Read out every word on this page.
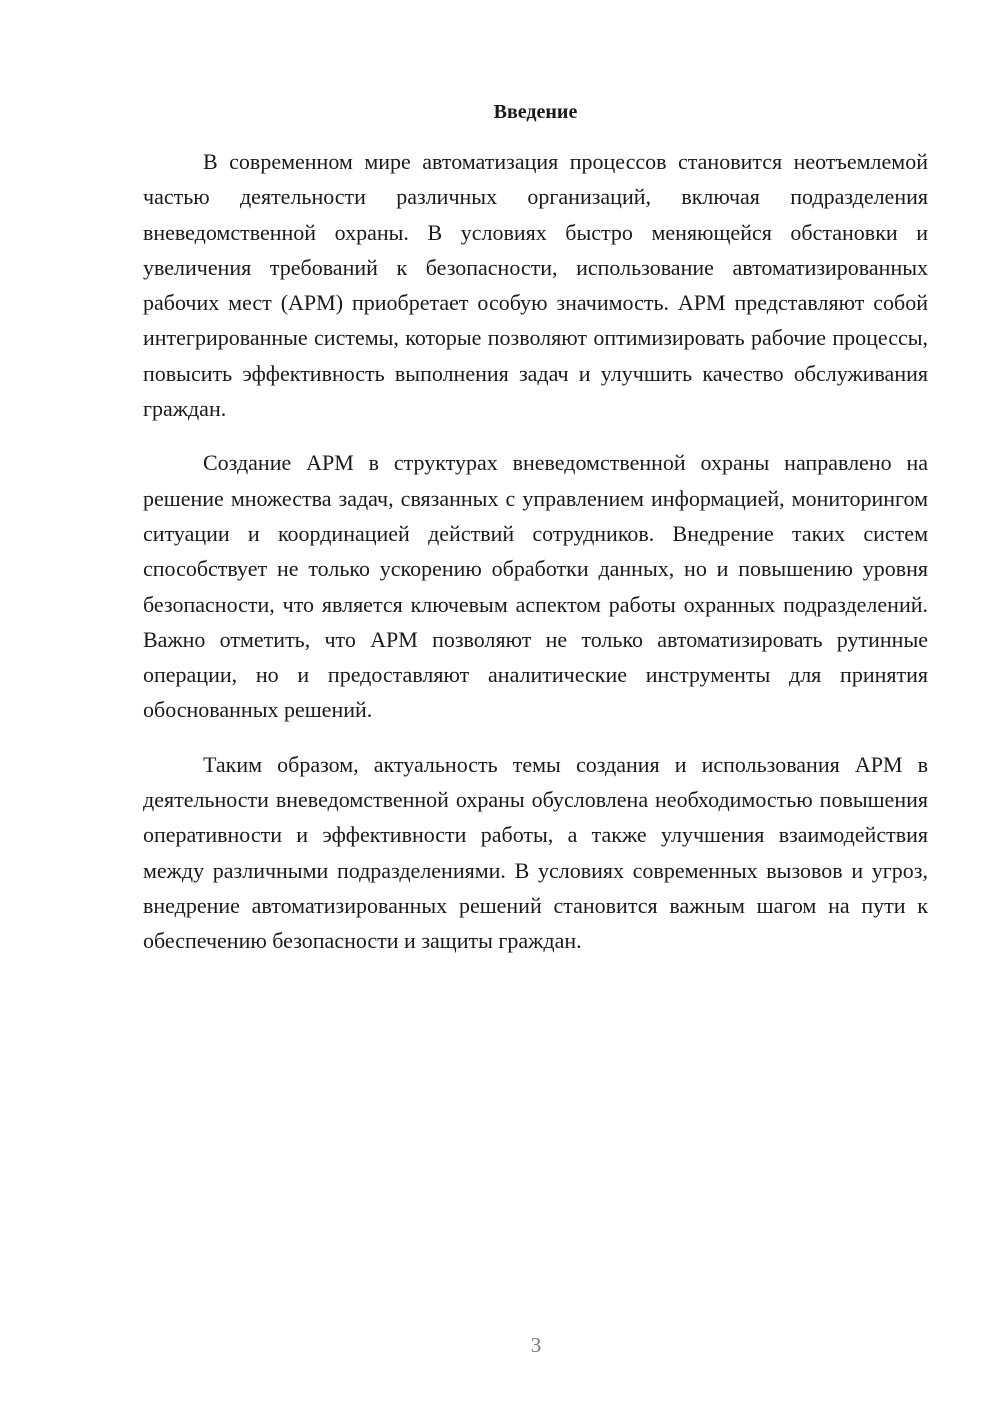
Введение

В современном мире автоматизация процессов становится неотъемлемой частью деятельности различных организаций, включая подразделения вневедомственной охраны. В условиях быстро меняющейся обстановки и увеличения требований к безопасности, использование автоматизированных рабочих мест (АРМ) приобретает особую значимость. АРМ представляют собой интегрированные системы, которые позволяют оптимизировать рабочие процессы, повысить эффективность выполнения задач и улучшить качество обслуживания граждан.

Создание АРМ в структурах вневедомственной охраны направлено на решение множества задач, связанных с управлением информацией, мониторингом ситуации и координацией действий сотрудников. Внедрение таких систем способствует не только ускорению обработки данных, но и повышению уровня безопасности, что является ключевым аспектом работы охранных подразделений. Важно отметить, что АРМ позволяют не только автоматизировать рутинные операции, но и предоставляют аналитические инструменты для принятия обоснованных решений.

Таким образом, актуальность темы создания и использования АРМ в деятельности вневедомственной охраны обусловлена необходимостью повышения оперативности и эффективности работы, а также улучшения взаимодействия между различными подразделениями. В условиях современных вызовов и угроз, внедрение автоматизированных решений становится важным шагом на пути к обеспечению безопасности и защиты граждан.

3
